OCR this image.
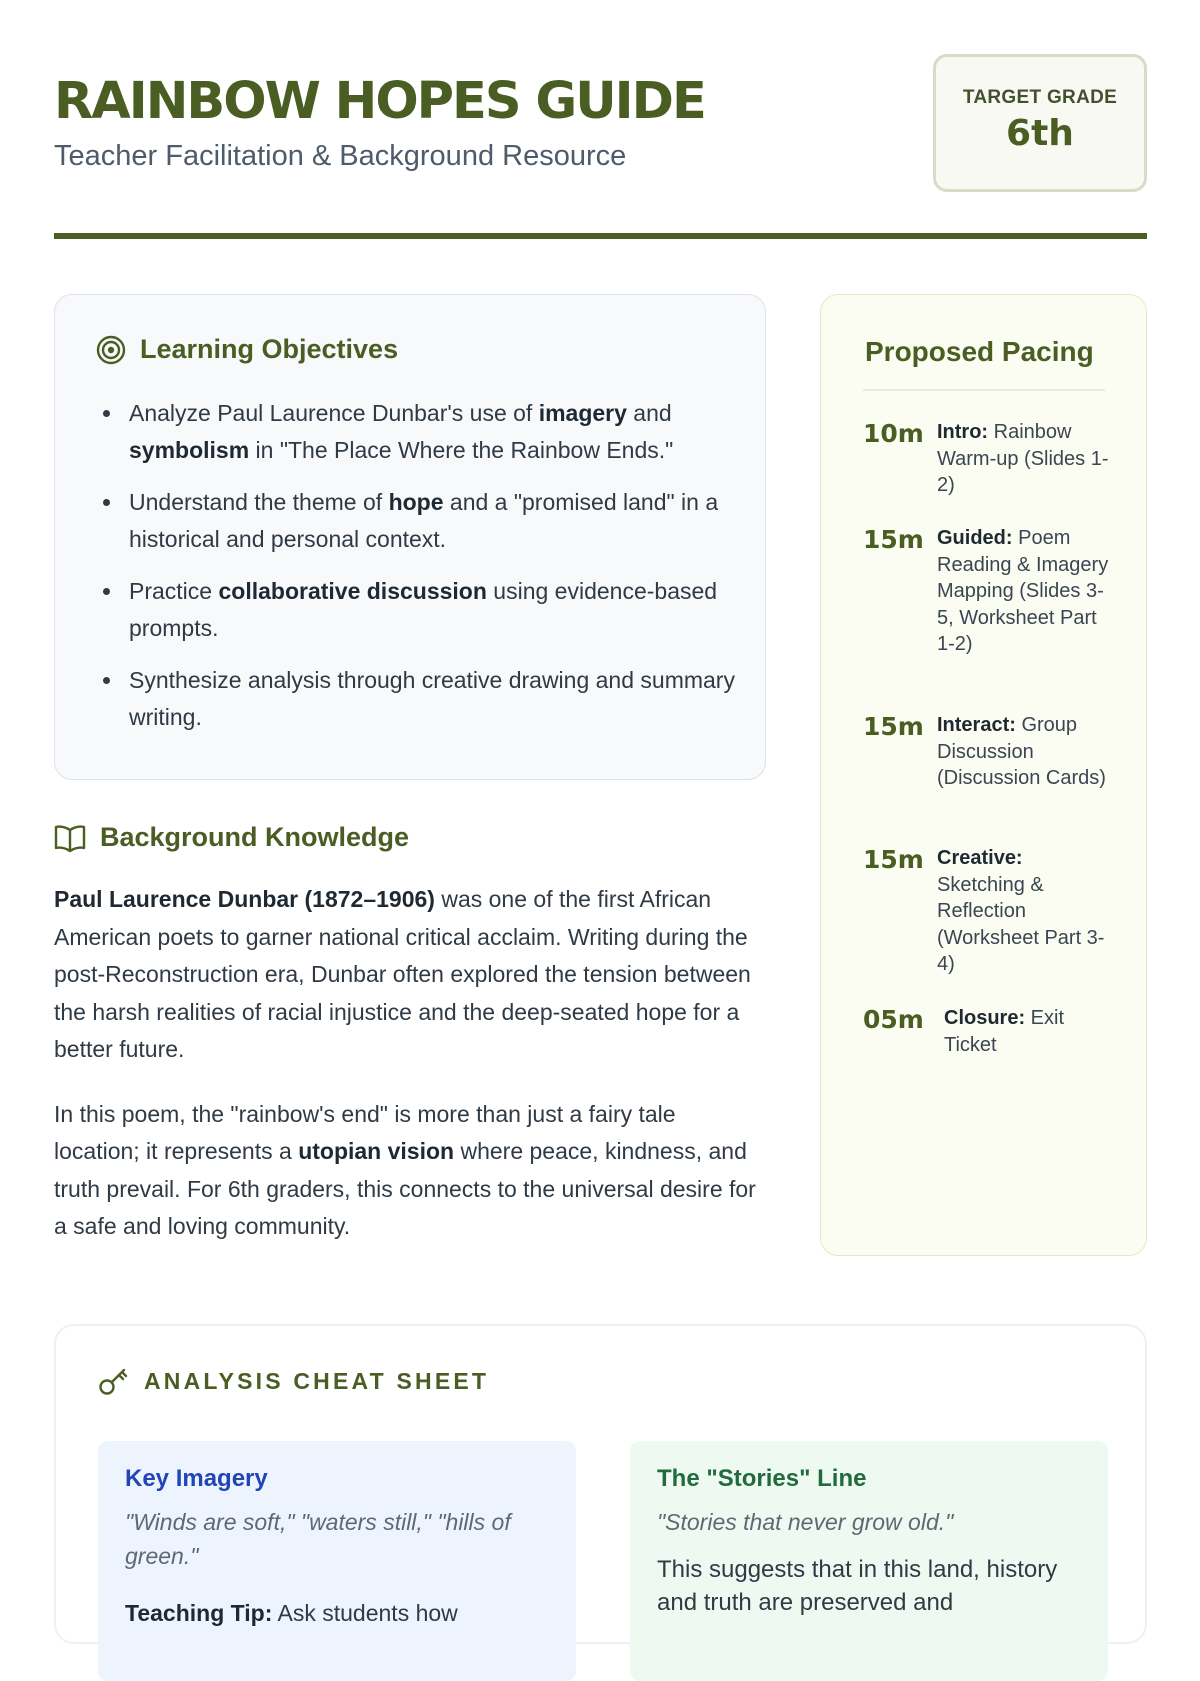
RAINBOW HOPES GUIDE
Teacher Facilitation & Background Resource
TARGET GRADE
6th
Learning Objectives
Analyze Paul Laurence Dunbar's use of imagery and symbolism in "The Place Where the Rainbow Ends."
Understand the theme of hope and a "promised land" in a historical and personal context.
Practice collaborative discussion using evidence-based prompts.
Synthesize analysis through creative drawing and summary writing.
Background Knowledge

Paul Laurence Dunbar (1872–1906) was one of the first African American poets to garner national critical acclaim. Writing during the post-Reconstruction era, Dunbar often explored the tension between the harsh realities of racial injustice and the deep-seated hope for a better future.

In this poem, the "rainbow's end" is more than just a fairy tale location; it represents a utopian vision where peace, kindness, and truth prevail. For 6th graders, this connects to the universal desire for a safe and loving community.

Proposed Pacing
10m Intro: Rainbow Warm-up (Slides 1-2)
15m Guided: Poem Reading & Imagery Mapping (Slides 3-5, Worksheet Part 1-2)
15m Interact: Group Discussion (Discussion Cards)
15m Creative: Sketching & Reflection (Worksheet Part 3-4)
05m	Closure: Exit Ticket
ANALYSIS CHEAT SHEET
Key Imagery
"Winds are soft," "waters still," "hills of green."
Teaching Tip: Ask students how
The "Stories" Line
"Stories that never grow old."
This suggests that in this land, history and truth are preserved and
